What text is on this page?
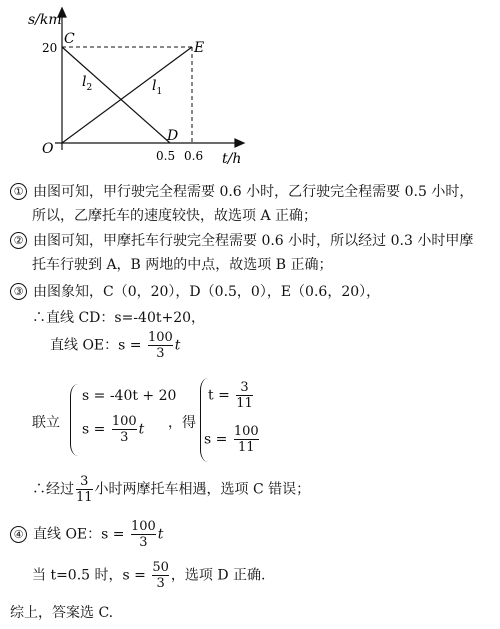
s/km
t/h
O
20
0.5 0.6
C
E
D
$l_2$	$l_1$
① 由图可知，甲行驶完全程需要 0.6 小时，乙行驶完全程需要 0.5 小时，
所以，乙摩托车的速度较快，故选项 A 正确；
② 由图可知，甲摩托车行驶完全程需要 0.6 小时，所以经过 0.3 小时甲摩
托车行驶到 A，B 两地的中点，故选项 B 正确；
③ 由图象知，C（0，20），D（0.5，0），E（0.6，20），
∴直线 CD：s=-40t+20，
直线 OE：$s = \frac{100}{3}$ t
联立
s = -40t + 20
$s = \frac{100}{3}$ t ，得
$t = \frac{3}{11}$
$s = \frac{100}{11}$
∴经过 $\frac{3}{11}$ 小时两摩托车相遇，选项 C 错误；
④ 直线 OE：$s = \frac{100}{3}$ t
当 t=0.5 时，$s = \frac{50}{3}$ ，选项 D 正确.
综上，答案选 C.
